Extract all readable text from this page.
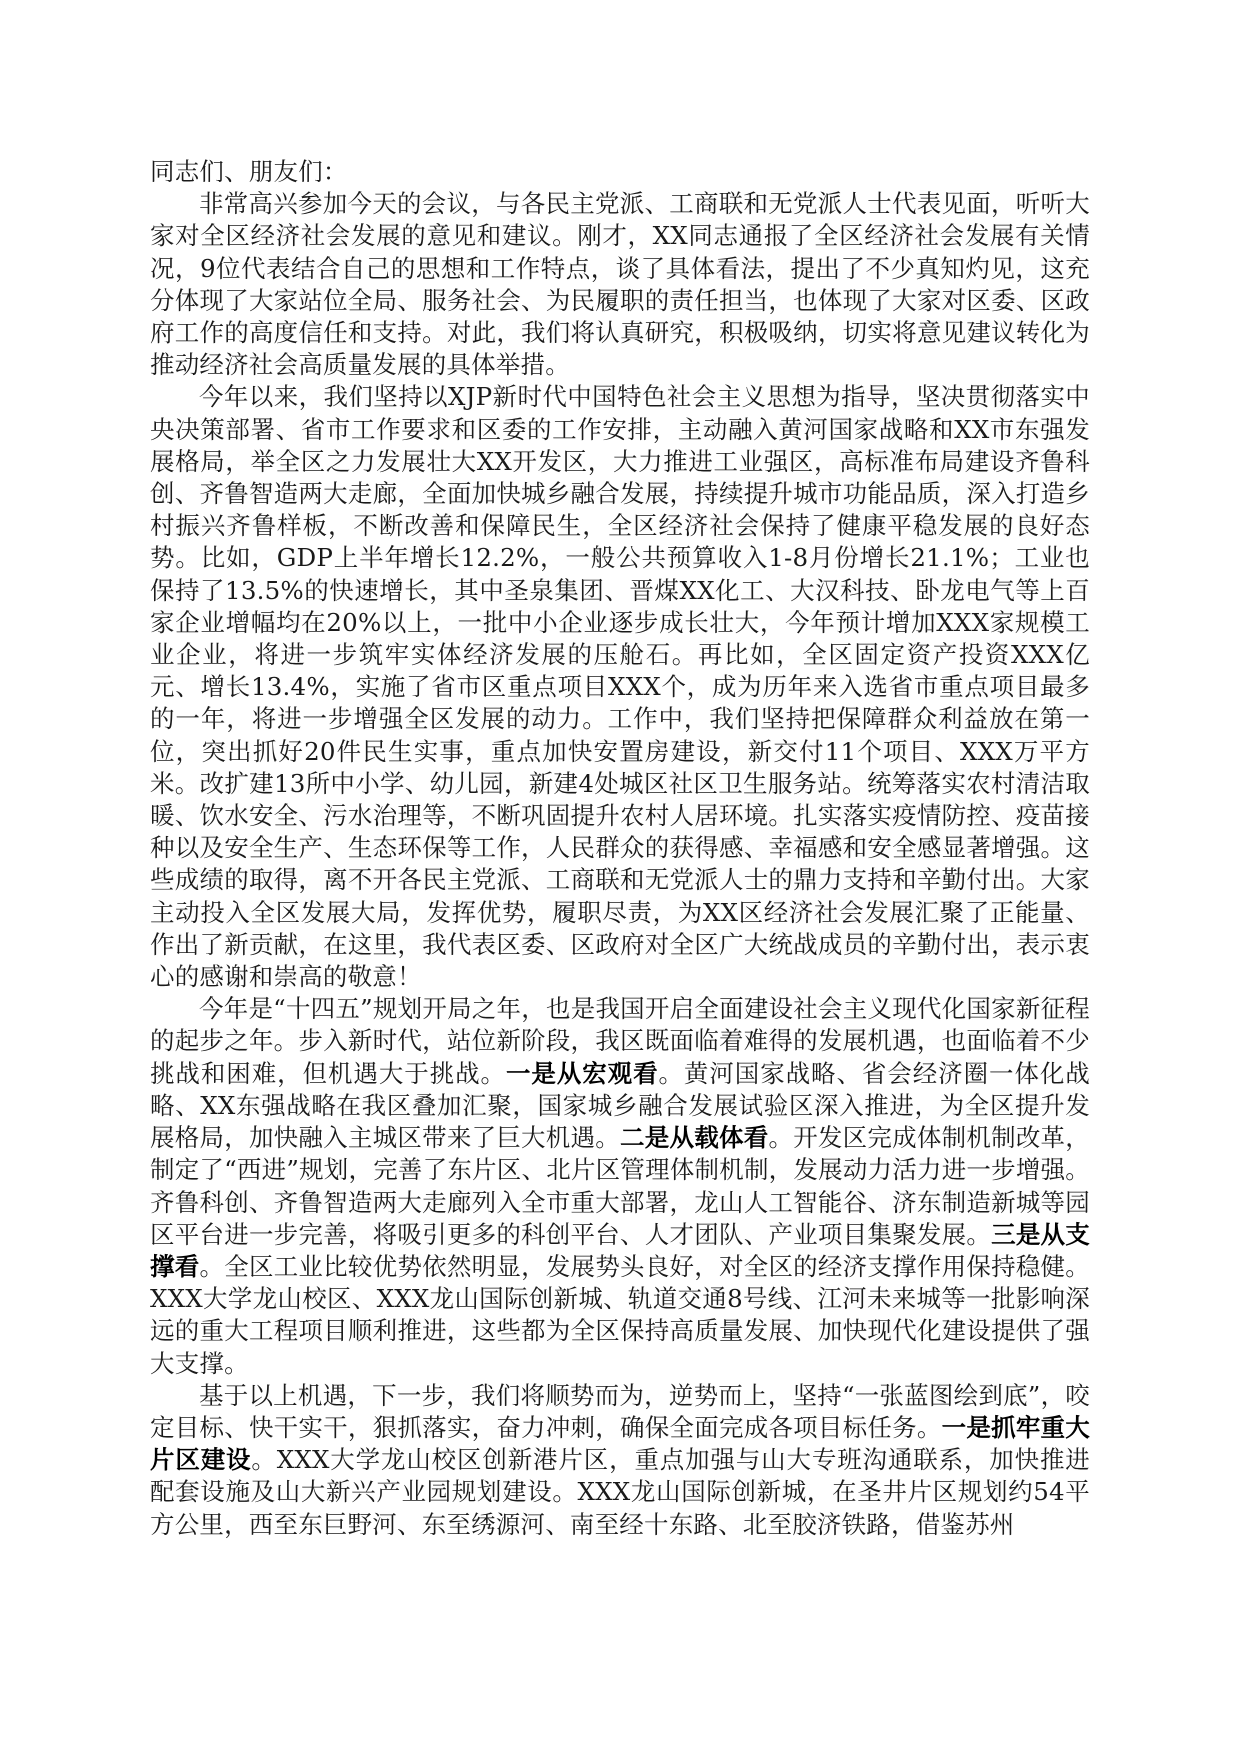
同志们、朋友们：

非常高兴参加今天的会议，与各民主党派、工商联和无党派人士代表见面，听听大家对全区经济社会发展的意见和建议。刚才，XX同志通报了全区经济社会发展有关情况，9位代表结合自己的思想和工作特点，谈了具体看法，提出了不少真知灼见，这充分体现了大家站位全局、服务社会、为民履职的责任担当，也体现了大家对区委、区政府工作的高度信任和支持。对此，我们将认真研究，积极吸纳，切实将意见建议转化为推动经济社会高质量发展的具体举措。

今年以来，我们坚持以XJP新时代中国特色社会主义思想为指导，坚决贯彻落实中央决策部署、省市工作要求和区委的工作安排，主动融入黄河国家战略和XX市东强发展格局，举全区之力发展壮大XX开发区，大力推进工业强区，高标准布局建设齐鲁科创、齐鲁智造两大走廊，全面加快城乡融合发展，持续提升城市功能品质，深入打造乡村振兴齐鲁样板，不断改善和保障民生，全区经济社会保持了健康平稳发展的良好态势。比如，GDP上半年增长12.2%，一般公共预算收入1-8月份增长21.1%；工业也保持了13.5%的快速增长，其中圣泉集团、晋煤XX化工、大汉科技、卧龙电气等上百家企业增幅均在20%以上，一批中小企业逐步成长壮大，今年预计增加XXX家规模工业企业，将进一步筑牢实体经济发展的压舱石。再比如，全区固定资产投资XXX亿元、增长13.4%，实施了省市区重点项目XXX个，成为历年来入选省市重点项目最多的一年，将进一步增强全区发展的动力。工作中，我们坚持把保障群众利益放在第一位，突出抓好20件民生实事，重点加快安置房建设，新交付11个项目、XXX万平方米。改扩建13所中小学、幼儿园，新建4处城区社区卫生服务站。统筹落实农村清洁取暖、饮水安全、污水治理等，不断巩固提升农村人居环境。扎实落实疫情防控、疫苗接种以及安全生产、生态环保等工作，人民群众的获得感、幸福感和安全感显著增强。这些成绩的取得，离不开各民主党派、工商联和无党派人士的鼎力支持和辛勤付出。大家主动投入全区发展大局，发挥优势，履职尽责，为XX区经济社会发展汇聚了正能量、作出了新贡献，在这里，我代表区委、区政府对全区广大统战成员的辛勤付出，表示衷心的感谢和崇高的敬意！

今年是“十四五”规划开局之年，也是我国开启全面建设社会主义现代化国家新征程的起步之年。步入新时代，站位新阶段，我区既面临着难得的发展机遇，也面临着不少挑战和困难，但机遇大于挑战。一是从宏观看。黄河国家战略、省会经济圈一体化战略、XX东强战略在我区叠加汇聚，国家城乡融合发展试验区深入推进，为全区提升发展格局，加快融入主城区带来了巨大机遇。二是从载体看。开发区完成体制机制改革，制定了“西进”规划，完善了东片区、北片区管理体制机制，发展动力活力进一步增强。齐鲁科创、齐鲁智造两大走廊列入全市重大部署，龙山人工智能谷、济东制造新城等园区平台进一步完善，将吸引更多的科创平台、人才团队、产业项目集聚发展。三是从支撑看。全区工业比较优势依然明显，发展势头良好，对全区的经济支撑作用保持稳健。XXX大学龙山校区、XXX龙山国际创新城、轨道交通8号线、江河未来城等一批影响深远的重大工程项目顺利推进，这些都为全区保持高质量发展、加快现代化建设提供了强大支撑。

基于以上机遇，下一步，我们将顺势而为，逆势而上，坚持“一张蓝图绘到底”，咬定目标、快干实干，狠抓落实，奋力冲刺，确保全面完成各项目标任务。一是抓牢重大片区建设。XXX大学龙山校区创新港片区，重点加强与山大专班沟通联系，加快推进配套设施及山大新兴产业园规划建设。XXX龙山国际创新城，在圣井片区规划约54平方公里，西至东巨野河、东至绣源河、南至经十东路、北至胶济铁路，借鉴苏州
